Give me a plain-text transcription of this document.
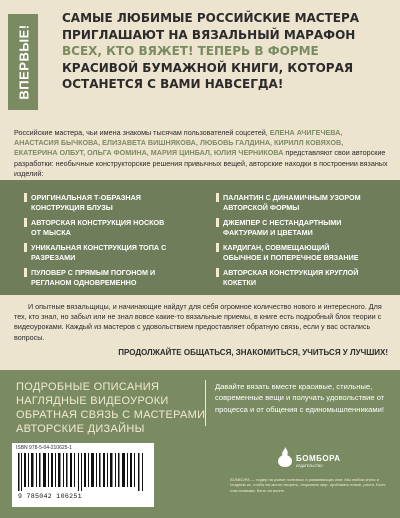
ВПЕРВЫЕ!
САМЫЕ ЛЮБИМЫЕ РОССИЙСКИЕ МАСТЕРА
ПРИГЛАШАЮТ НА ВЯЗАЛЬНЫЙ МАРАФОН
ВСЕХ, КТО ВЯЖЕТ! ТЕПЕРЬ В ФОРМЕ
КРАСИВОЙ БУМАЖНОЙ КНИГИ, КОТОРАЯ
ОСТАНЕТСЯ С ВАМИ НАВСЕГДА!
Российские мастера, чьи имена знакомы тысячам пользователей соцсетей, ЕЛЕНА АЧИГЕЧЕВА, АНАСТАСИЯ БЫЧКОВА, ЕЛИЗАВЕТА ВИШНЯКОВА, ЛЮБОВЬ ГАЛДИНА, КИРИЛЛ КОВЯХОВ, ЕКАТЕРИНА ОЛБУТ, ОЛЬГА ФОМИНА, МАРИЯ ЦИНБАЛ, ЮЛИЯ ЧЕРНИКОВА представляют свои авторские разработки: необычные конструкторские решения привычных вещей, авторские находки в построении вязаных изделий:
ОРИГИНАЛЬНАЯ Т-ОБРАЗНАЯ КОНСТРУКЦИЯ БЛУЗЫ
АВТОРСКАЯ КОНСТРУКЦИЯ НОСКОВ ОТ МЫСКА
УНИКАЛЬНАЯ КОНСТРУКЦИЯ ТОПА С РАЗРЕЗАМИ
ПУЛОВЕР С ПРЯМЫМ ПОГОНОМ И РЕГЛАНОМ ОДНОВРЕМЕННО
ПАЛАНТИН С ДИНАМИЧНЫМ УЗОРОМ АВТОРСКОЙ ФОРМЫ
ДЖЕМПЕР С НЕСТАНДАРТНЫМИ ФАКТУРАМИ И ЦВЕТАМИ
КАРДИГАН, СОВМЕЩАЮЩИЙ ОБЫЧНОЕ И ПОПЕРЕЧНОЕ ВЯЗАНИЕ
АВТОРСКАЯ КОНСТРУКЦИЯ КРУГЛОЙ КОКЕТКИ
И опытные вязальщицы, и начинающие найдут для себя огромное количество нового и интересного. Для тех, кто знал, но забыл или не знал вовсе какие-то вязальные приемы, в книге есть подробный блок теории с видеоуроками. Каждый из мастеров с удовольствием предоставляет обратную связь, если у вас остались вопросы.
ПРОДОЛЖАЙТЕ ОБЩАТЬСЯ, ЗНАКОМИТЬСЯ, УЧИТЬСЯ У ЛУЧШИХ!
ПОДРОБНЫЕ ОПИСАНИЯ
НАГЛЯДНЫЕ ВИДЕОУРОКИ
ОБРАТНАЯ СВЯЗЬ С МАСТЕРАМИ
АВТОРСКИЕ ДИЗАЙНЫ
Давайте вязать вместе красивые, стильные, современные вещи и получать удовольствие от процесса и от общения с единомышленниками!
ISBN 978-5-04-210625-1
9 785042 106251
БОМБОРА
ИЗДАТЕЛЬСТВО
БОМБОРА — лидер на рынке полезных и развивающих книг. Мы любим книги и создаем их, чтобы вы могли творить, открывать мир, пробовать новое, расти. Быть счастливыми. Быть на волне.
